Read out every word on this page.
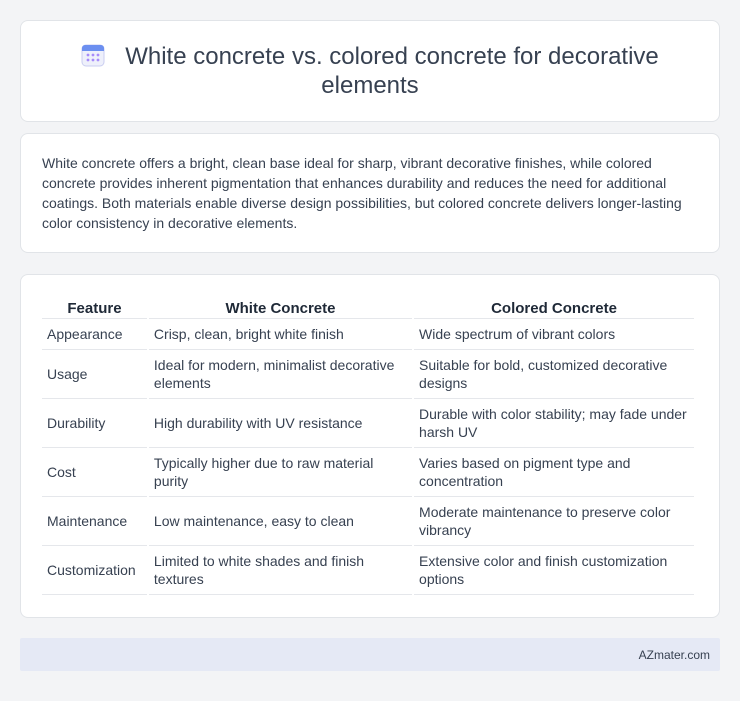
White concrete vs. colored concrete for decorative elements

White concrete offers a bright, clean base ideal for sharp, vibrant decorative finishes, while colored concrete provides inherent pigmentation that enhances durability and reduces the need for additional coatings. Both materials enable diverse design possibilities, but colored concrete delivers longer-lasting color consistency in decorative elements.

Feature	White Concrete	Colored Concrete
Appearance	Crisp, clean, bright white finish	Wide spectrum of vibrant colors
Usage	Ideal for modern, minimalist decorative elements	Suitable for bold, customized decorative designs
Durability	High durability with UV resistance	Durable with color stability; may fade under harsh UV
Cost	Typically higher due to raw material purity	Varies based on pigment type and concentration
Maintenance	Low maintenance, easy to clean	Moderate maintenance to preserve color vibrancy
Customization	Limited to white shades and finish textures	Extensive color and finish customization options
AZmater.com
